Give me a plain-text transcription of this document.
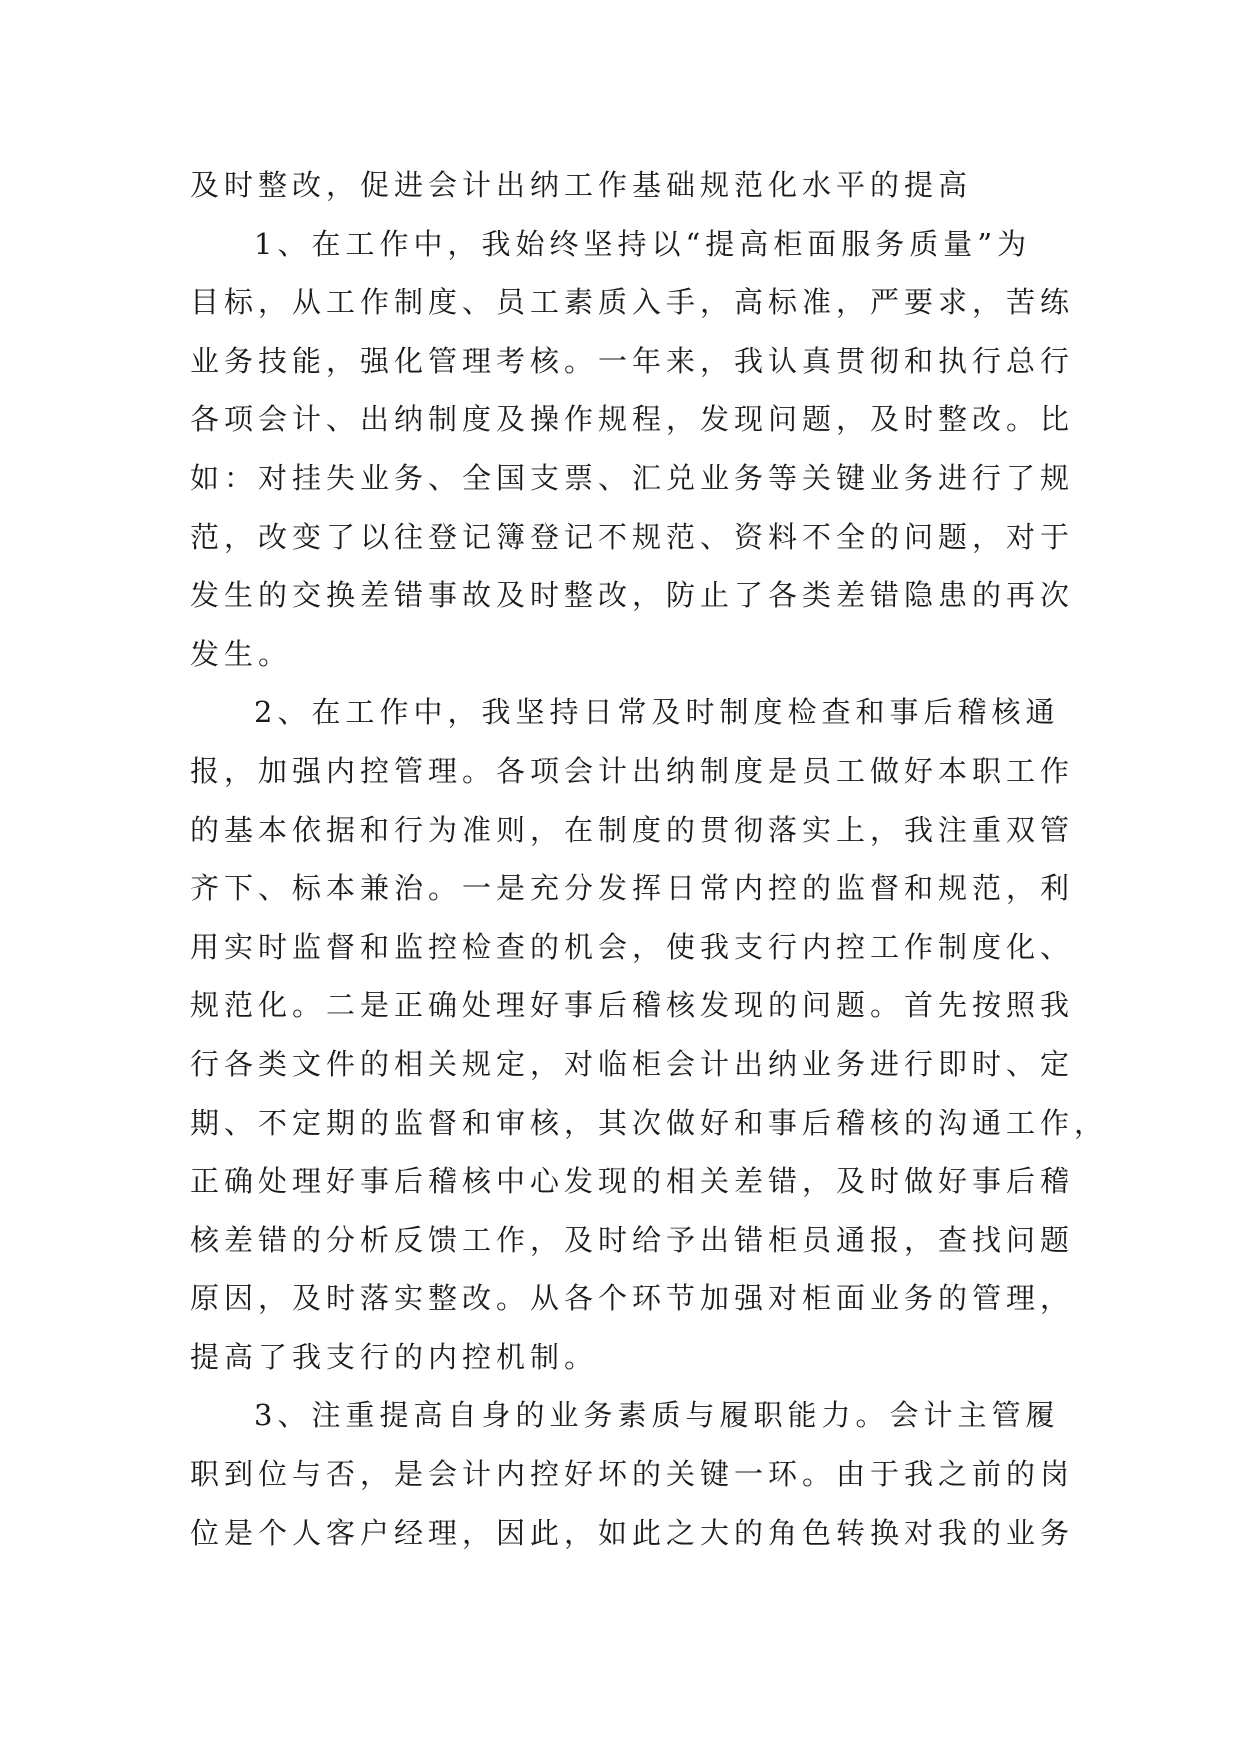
及时整改，促进会计出纳工作基础规范化水平的提高
1、在工作中，我始终坚持以“提高柜面服务质量”为
目标，从工作制度、员工素质入手，高标准，严要求，苦练
业务技能，强化管理考核。一年来，我认真贯彻和执行总行
各项会计、出纳制度及操作规程，发现问题，及时整改。比
如：对挂失业务、全国支票、汇兑业务等关键业务进行了规
范，改变了以往登记簿登记不规范、资料不全的问题，对于
发生的交换差错事故及时整改，防止了各类差错隐患的再次
发生。
2、在工作中，我坚持日常及时制度检查和事后稽核通
报，加强内控管理。各项会计出纳制度是员工做好本职工作
的基本依据和行为准则，在制度的贯彻落实上，我注重双管
齐下、标本兼治。一是充分发挥日常内控的监督和规范，利
用实时监督和监控检查的机会，使我支行内控工作制度化、
规范化。二是正确处理好事后稽核发现的问题。首先按照我
行各类文件的相关规定，对临柜会计出纳业务进行即时、定
期、不定期的监督和审核，其次做好和事后稽核的沟通工作，
正确处理好事后稽核中心发现的相关差错，及时做好事后稽
核差错的分析反馈工作，及时给予出错柜员通报，查找问题
原因，及时落实整改。从各个环节加强对柜面业务的管理，
提高了我支行的内控机制。
3、注重提高自身的业务素质与履职能力。会计主管履
职到位与否，是会计内控好坏的关键一环。由于我之前的岗
位是个人客户经理，因此，如此之大的角色转换对我的业务
